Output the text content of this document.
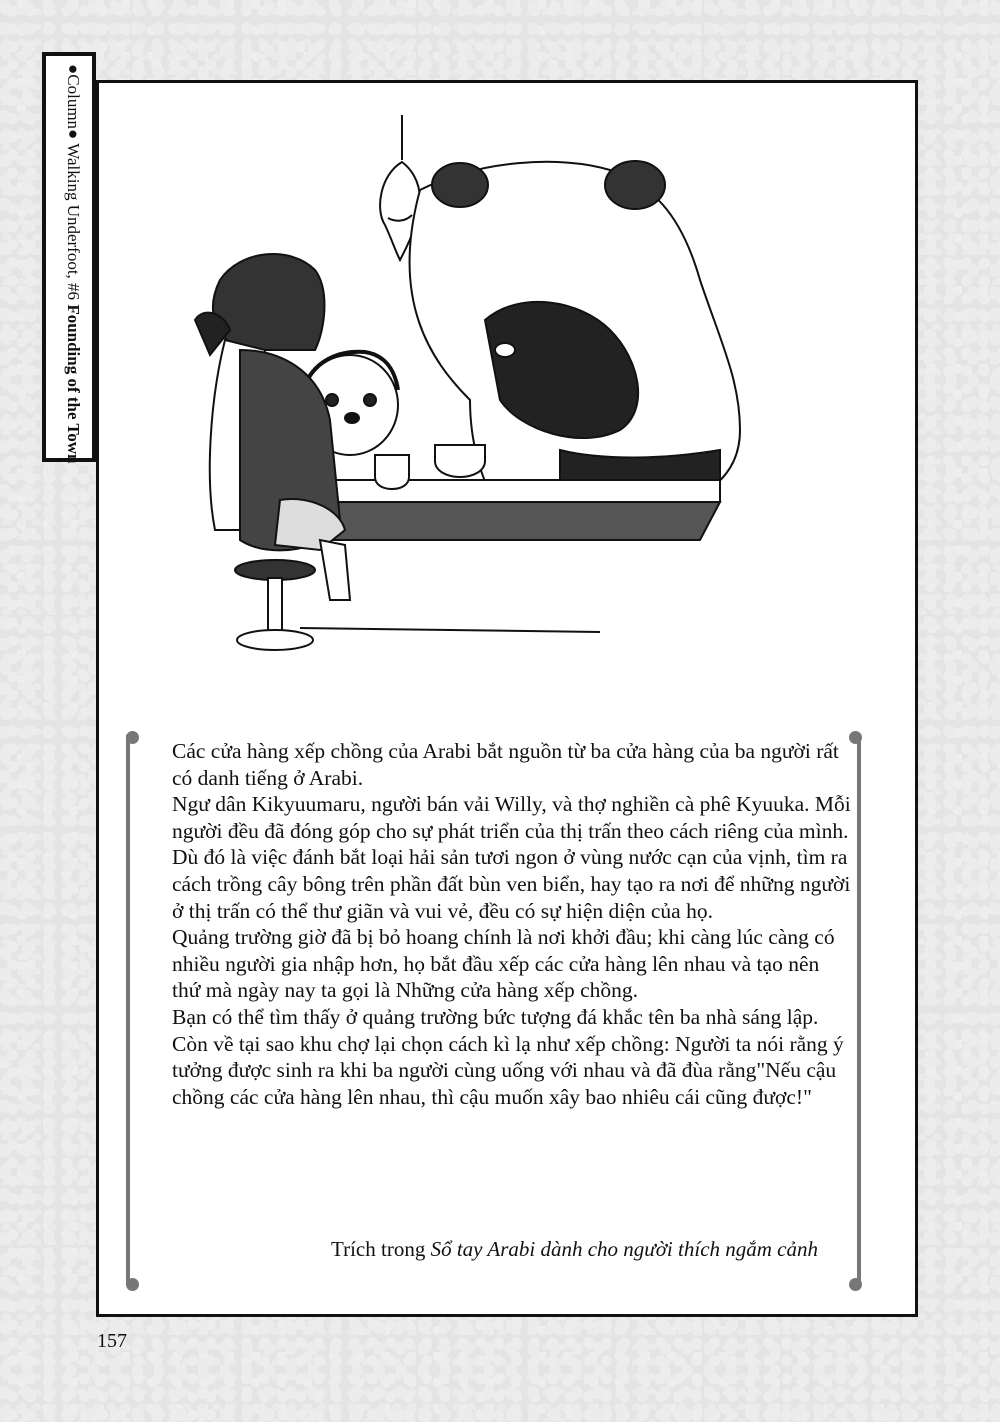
●Column● Walking Underfoot, #6 Founding of the Town

Các cửa hàng xếp chồng của Arabi bắt nguồn từ ba cửa hàng của ba người rất có danh tiếng ở Arabi.

Ngư dân Kikyuumaru, người bán vải Willy, và thợ nghiền cà phê Kyuuka. Mỗi người đều đã đóng góp cho sự phát triển của thị trấn theo cách riêng của mình. Dù đó là việc đánh bắt loại hải sản tươi ngon ở vùng nước cạn của vịnh, tìm ra cách trồng cây bông trên phần đất bùn ven biển, hay tạo ra nơi để những người ở thị trấn có thể thư giãn và vui vẻ, đều có sự hiện diện của họ.

Quảng trường giờ đã bị bỏ hoang chính là nơi khởi đầu; khi càng lúc càng có nhiều người gia nhập hơn, họ bắt đầu xếp các cửa hàng lên nhau và tạo nên thứ mà ngày nay ta gọi là Những cửa hàng xếp chồng.

Bạn có thể tìm thấy ở quảng trường bức tượng đá khắc tên ba nhà sáng lập.

Còn về tại sao khu chợ lại chọn cách kì lạ như xếp chồng: Người ta nói rằng ý tưởng được sinh ra khi ba người cùng uống với nhau và đã đùa rằng"Nếu cậu chồng các cửa hàng lên nhau, thì cậu muốn xây bao nhiêu cái cũng được!"

Trích trong Sổ tay Arabi dành cho người thích ngắm cảnh
157
